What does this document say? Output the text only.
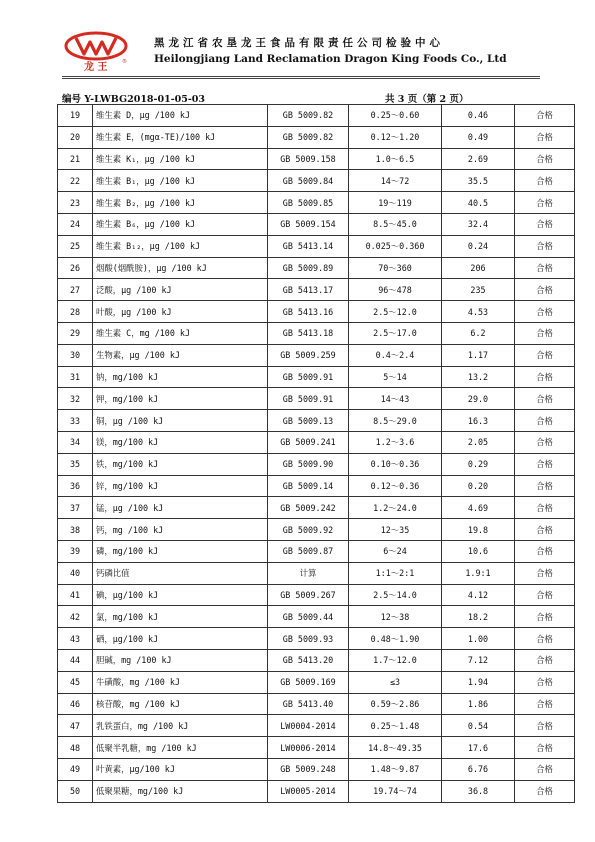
龙 王	®
黑龙江省农垦龙王食品有限责任公司检验中心
Heilongjiang Land Reclamation Dragon King Foods Co., Ltd
编号 Y-LWBG2018-01-05-03	共 3 页（第 2 页）
19	维生素 D，μg /100 kJ	GB 5009.82	0.25～0.60	0.46	合格
20	维生素 E，(mgα-TE)/100 kJ	GB 5009.82	0.12～1.20	0.49	合格
21	维生素 K₁，μg /100 kJ	GB 5009.158	1.0～6.5	2.69	合格
22	维生素 B₁，μg /100 kJ	GB 5009.84	14～72	35.5	合格
23	维生素 B₂，μg /100 kJ	GB 5009.85	19～119	40.5	合格
24	维生素 B₆，μg /100 kJ	GB 5009.154	8.5～45.0	32.4	合格
25	维生素 B₁₂，μg /100 kJ	GB 5413.14	0.025～0.360	0.24	合格
26	烟酸(烟酰胺)，μg /100 kJ	GB 5009.89	70～360	206	合格
27	泛酸，μg /100 kJ	GB 5413.17	96～478	235	合格
28	叶酸，μg /100 kJ	GB 5413.16	2.5～12.0	4.53	合格
29	维生素 C，mg /100 kJ	GB 5413.18	2.5～17.0	6.2	合格
30	生物素，μg /100 kJ	GB 5009.259	0.4～2.4	1.17	合格
31	钠，mg/100 kJ	GB 5009.91	5～14	13.2	合格
32	钾，mg/100 kJ	GB 5009.91	14～43	29.0	合格
33	铜，μg /100 kJ	GB 5009.13	8.5～29.0	16.3	合格
34	镁，mg/100 kJ	GB 5009.241	1.2～3.6	2.05	合格
35	铁，mg/100 kJ	GB 5009.90	0.10～0.36	0.29	合格
36	锌，mg/100 kJ	GB 5009.14	0.12～0.36	0.20	合格
37	锰，μg /100 kJ	GB 5009.242	1.2～24.0	4.69	合格
38	钙，mg /100 kJ	GB 5009.92	12～35	19.8	合格
39	磷，mg/100 kJ	GB 5009.87	6～24	10.6	合格
40	钙磷比值	计算	1:1～2:1	1.9:1	合格
41	碘，μg/100 kJ	GB 5009.267	2.5～14.0	4.12	合格
42	氯，mg/100 kJ	GB 5009.44	12～38	18.2	合格
43	硒，μg/100 kJ	GB 5009.93	0.48～1.90	1.00	合格
44	胆碱，mg /100 kJ	GB 5413.20	1.7～12.0	7.12	合格
45	牛磺酸，mg /100 kJ	GB 5009.169	≤3	1.94	合格
46	核苷酸，mg /100 kJ	GB 5413.40	0.59～2.86	1.86	合格
47	乳铁蛋白，mg /100 kJ	LW0004-2014	0.25～1.48	0.54	合格
48	低聚半乳糖，mg /100 kJ	LW0006-2014	14.8～49.35	17.6	合格
49	叶黄素，μg/100 kJ	GB 5009.248	1.48～9.87	6.76	合格
50	低聚果糖，mg/100 kJ	LW0005-2014	19.74～74	36.8	合格
